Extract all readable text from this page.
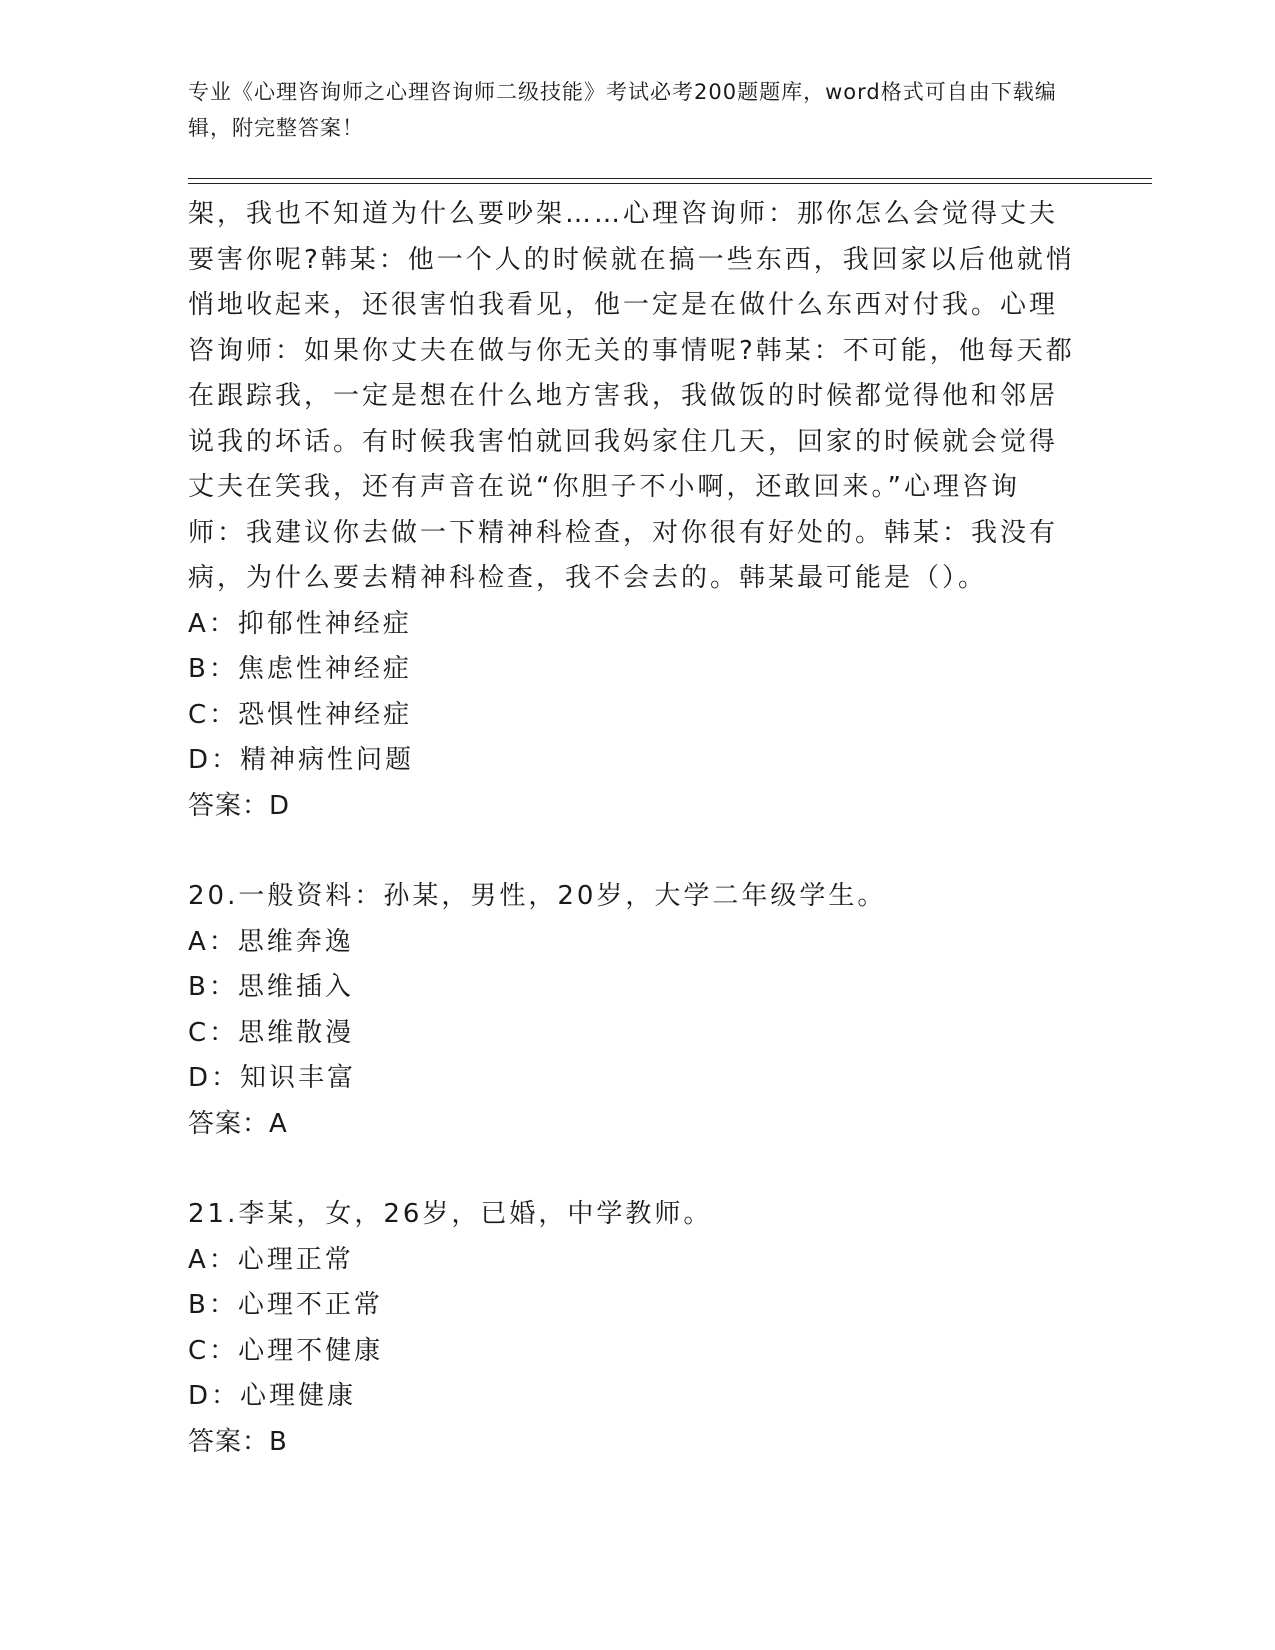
专业《心理咨询师之心理咨询师二级技能》考试必考200题题库，word格式可自由下载编辑，附完整答案！

架，我也不知道为什么要吵架……心理咨询师：那你怎么会觉得丈夫

要害你呢?韩某：他一个人的时候就在搞一些东西，我回家以后他就悄

悄地收起来，还很害怕我看见，他一定是在做什么东西对付我。心理

咨询师：如果你丈夫在做与你无关的事情呢?韩某：不可能，他每天都

在跟踪我，一定是想在什么地方害我，我做饭的时候都觉得他和邻居

说我的坏话。有时候我害怕就回我妈家住几天，回家的时候就会觉得

丈夫在笑我，还有声音在说“你胆子不小啊，还敢回来。”心理咨询

师：我建议你去做一下精神科检查，对你很有好处的。韩某：我没有

病，为什么要去精神科检查，我不会去的。韩某最可能是（）。

A：抑郁性神经症
B：焦虑性神经症
C：恐惧性神经症
D：精神病性问题

答案：D

20.一般资料：孙某，男性，20岁，大学二年级学生。

A：思维奔逸
B：思维插入
C：思维散漫
D：知识丰富

答案：A

21.李某，女，26岁，已婚，中学教师。

A：心理正常
B：心理不正常
C：心理不健康
D：心理健康

答案：B
